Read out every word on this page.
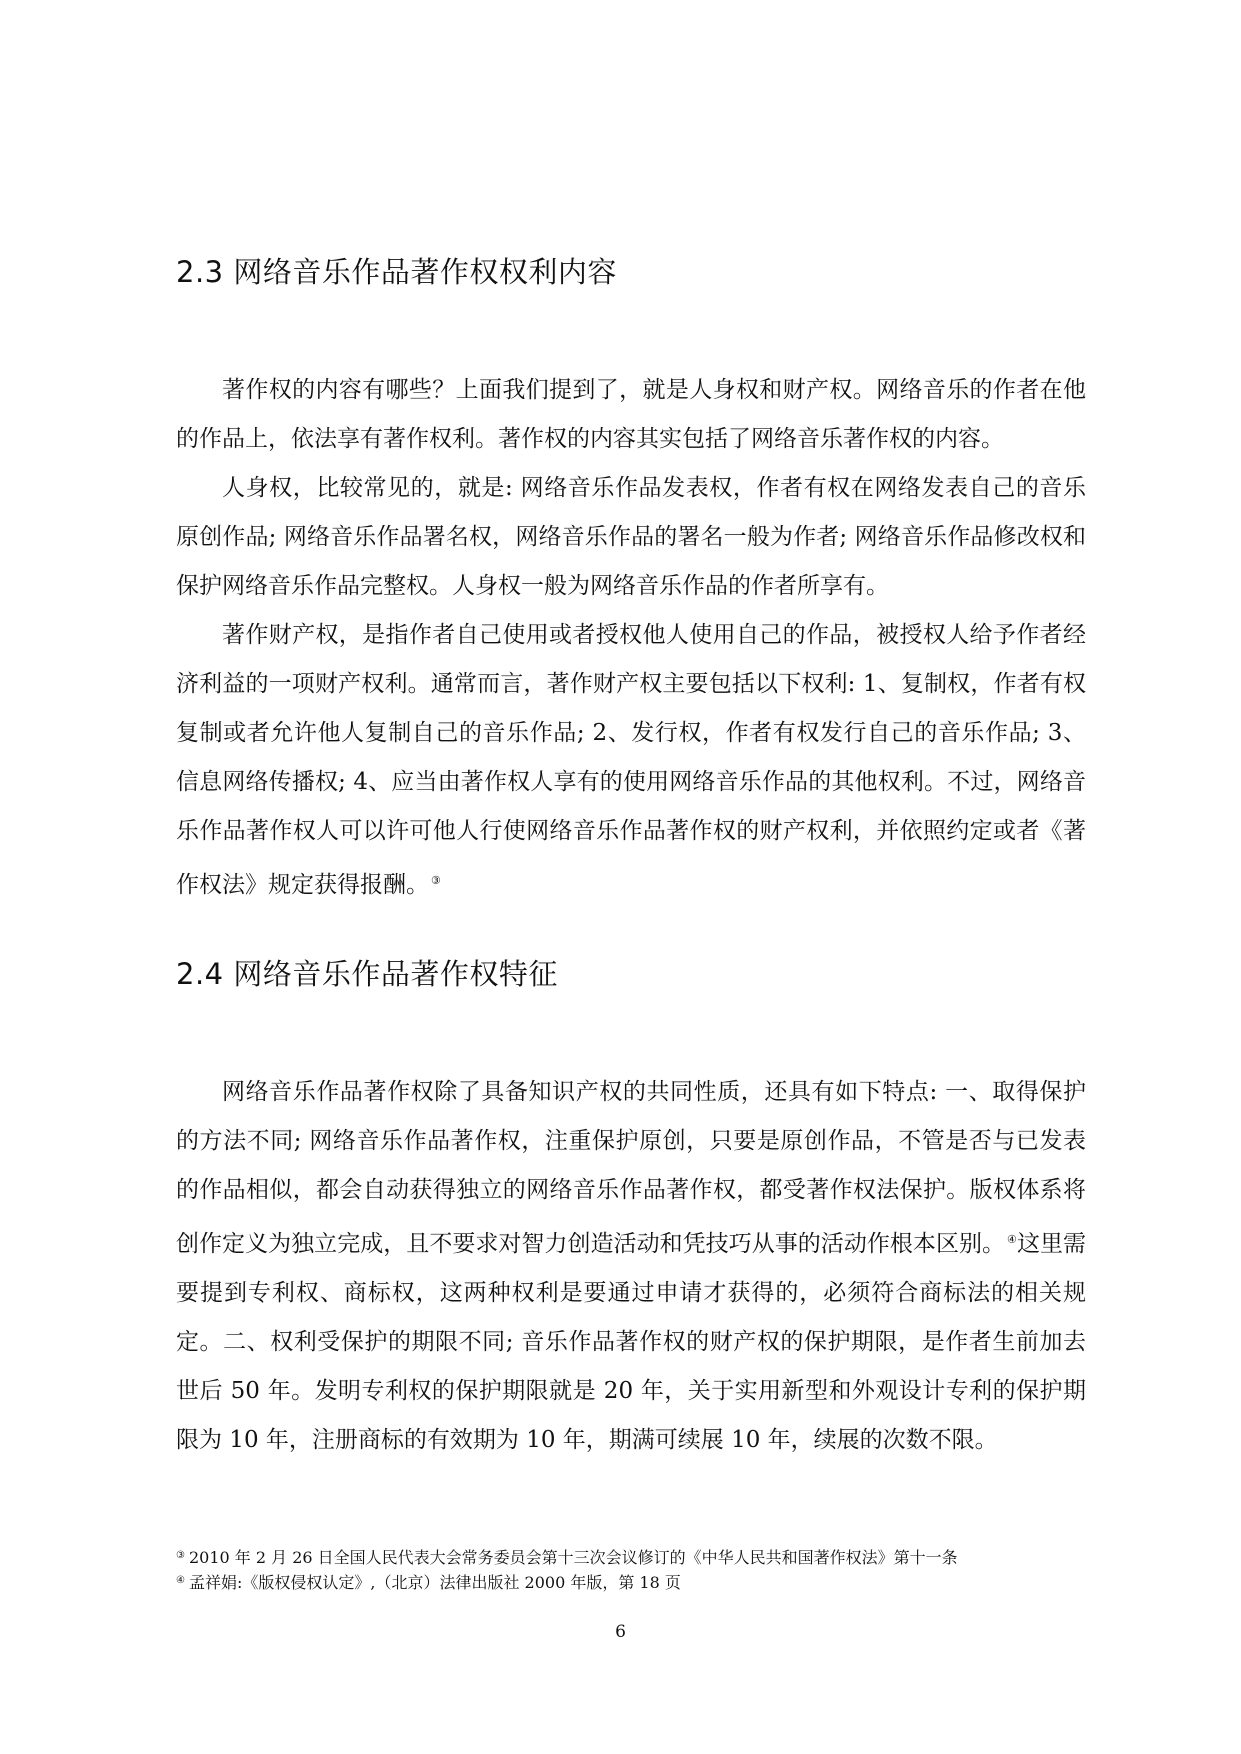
2.3 网络音乐作品著作权权利内容

著作权的内容有哪些？上面我们提到了，就是人身权和财产权。网络音乐的作者在他的作品上，依法享有著作权利。著作权的内容其实包括了网络音乐著作权的内容。

人身权，比较常见的，就是: 网络音乐作品发表权，作者有权在网络发表自己的音乐原创作品; 网络音乐作品署名权，网络音乐作品的署名一般为作者; 网络音乐作品修改权和保护网络音乐作品完整权。人身权一般为网络音乐作品的作者所享有。

著作财产权，是指作者自己使用或者授权他人使用自己的作品，被授权人给予作者经济利益的一项财产权利。通常而言，著作财产权主要包括以下权利: 1、复制权，作者有权复制或者允许他人复制自己的音乐作品; 2、发行权，作者有权发行自己的音乐作品; 3、信息网络传播权; 4、应当由著作权人享有的使用网络音乐作品的其他权利。不过，网络音乐作品著作权人可以许可他人行使网络音乐作品著作权的财产权利，并依照约定或者《著作权法》规定获得报酬。 ③

2.4 网络音乐作品著作权特征

网络音乐作品著作权除了具备知识产权的共同性质，还具有如下特点: 一、取得保护的方法不同; 网络音乐作品著作权，注重保护原创，只要是原创作品，不管是否与已发表的作品相似，都会自动获得独立的网络音乐作品著作权，都受著作权法保护。版权体系将创作定义为独立完成，且不要求对智力创造活动和凭技巧从事的活动作根本区别。 ④这里需要提到专利权、商标权，这两种权利是要通过申请才获得的，必须符合商标法的相关规定。二、权利受保护的期限不同; 音乐作品著作权的财产权的保护期限，是作者生前加去世后 50 年。发明专利权的保护期限就是 20 年，关于实用新型和外观设计专利的保护期限为 10 年，注册商标的有效期为 10 年，期满可续展 10 年，续展的次数不限。

③ 2010 年 2 月 26 日全国人民代表大会常务委员会第十三次会议修订的《中华人民共和国著作权法》第十一条

④ 孟祥娟:《版权侵权认定》,（北京）法律出版社 2000 年版，第 18 页

6
